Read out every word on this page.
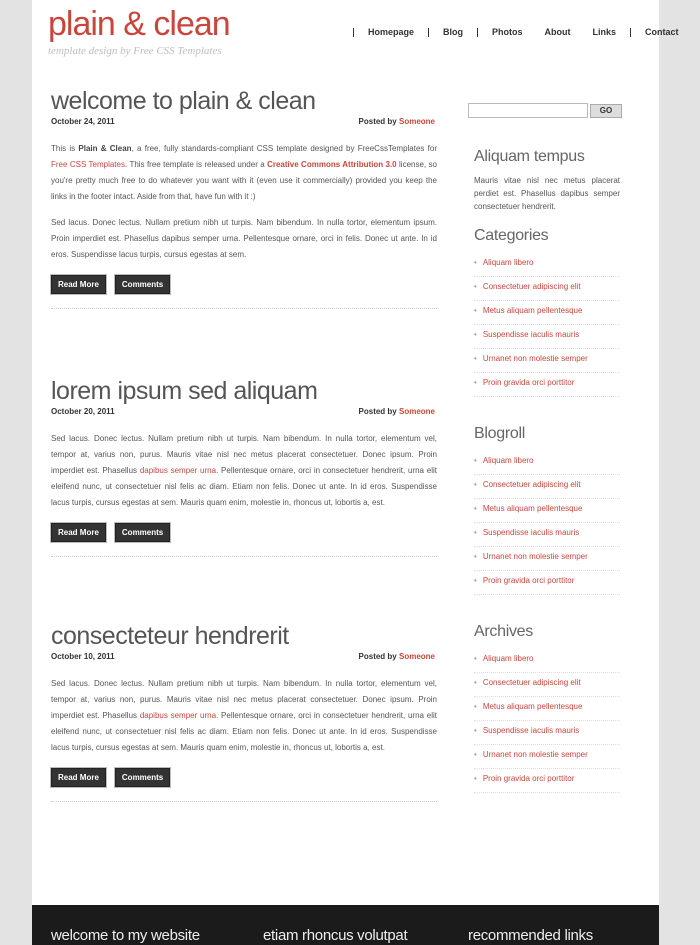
plain & clean
template design by Free CSS Templates
Homepage	Blog	Photos About Links	Contact
welcome to plain & clean
October 24, 2011	Posted by Someone

This is Plain & Clean, a free, fully standards-compliant CSS template designed by FreeCssTemplates for Free CSS Templates. This free template is released under a Creative Commons Attribution 3.0 license, so you're pretty much free to do whatever you want with it (even use it commercially) provided you keep the links in the footer intact. Aside from that, have fun with it :)

Sed lacus. Donec lectus. Nullam pretium nibh ut turpis. Nam bibendum. In nulla tortor, elementum ipsum. Proin imperdiet est. Phasellus dapibus semper urna. Pellentesque ornare, orci in felis. Donec ut ante. In id eros. Suspendisse lacus turpis, cursus egestas at sem.

Read More	Comments
lorem ipsum sed aliquam
October 20, 2011	Posted by Someone

Sed lacus. Donec lectus. Nullam pretium nibh ut turpis. Nam bibendum. In nulla tortor, elementum vel, tempor at, varius non, purus. Mauris vitae nisl nec metus placerat consectetuer. Donec ipsum. Proin imperdiet est. Phasellus dapibus semper urna. Pellentesque ornare, orci in consectetuer hendrerit, urna elit eleifend nunc, ut consectetuer nisl felis ac diam. Etiam non felis. Donec ut ante. In id eros. Suspendisse lacus turpis, cursus egestas at sem. Mauris quam enim, molestie in, rhoncus ut, lobortis a, est.

Read More	Comments
consecteteur hendrerit
October 10, 2011	Posted by Someone

Sed lacus. Donec lectus. Nullam pretium nibh ut turpis. Nam bibendum. In nulla tortor, elementum vel, tempor at, varius non, purus. Mauris vitae nisl nec metus placerat consectetuer. Donec ipsum. Proin imperdiet est. Phasellus dapibus semper urna. Pellentesque ornare, orci in consectetuer hendrerit, urna elit eleifend nunc, ut consectetuer nisl felis ac diam. Etiam non felis. Donec ut ante. In id eros. Suspendisse lacus turpis, cursus egestas at sem. Mauris quam enim, molestie in, rhoncus ut, lobortis a, est.

Read More	Comments
GO
Aliquam tempus
Mauris vitae nisl nec metus placerat perdiet est. Phasellus dapibus semper consectetuer hendrerit.
Categories
• Aliquam libero
• Consectetuer adipiscing elit
• Metus aliquam pellentesque
• Suspendisse iaculis mauris
• Urnanet non molestie semper
• Proin gravida orci porttitor
Blogroll
• Aliquam libero
• Consectetuer adipiscing elit
• Metus aliquam pellentesque
• Suspendisse iaculis mauris
• Urnanet non molestie semper
• Proin gravida orci porttitor
Archives
• Aliquam libero
• Consectetuer adipiscing elit
• Metus aliquam pellentesque
• Suspendisse iaculis mauris
• Urnanet non molestie semper
• Proin gravida orci porttitor
welcome to my website	etiam rhoncus volutpat	recommended links
